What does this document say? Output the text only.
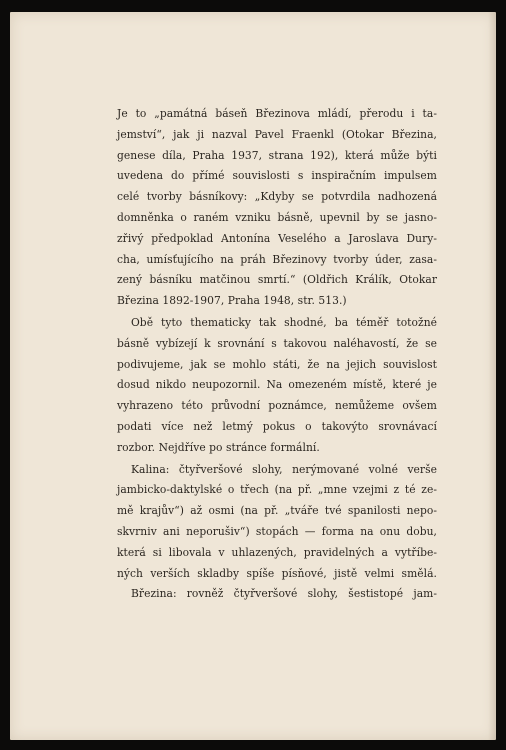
Je to „památná báseň Březinova mládí, přerodu i ta-
jemství“, jak ji nazval Pavel Fraenkl (Otokar Březina,
genese díla, Praha 1937, strana 192), která může býti
uvedena do přímé souvislosti s inspiračním impulsem
celé tvorby básníkovy: „Kdyby se potvrdila nadhozená
domněnka o raném vzniku básně, upevnil by se jasno-
zřivý předpoklad Antonína Veselého a Jaroslava Dury-
cha, umísťujícího na práh Březinovy tvorby úder, zasa-
zený básníku matčinou smrtí.“ (Oldřich Králík, Otokar
Březina 1892-1907, Praha 1948, str. 513.)
Obě tyto thematicky tak shodné, ba téměř totožné
básně vybízejí k srovnání s takovou naléhavostí, že se
podivujeme, jak se mohlo státi, že na jejich souvislost
dosud nikdo neupozornil. Na omezeném místě, které je
vyhrazeno této průvodní poznámce, nemůžeme ovšem
podati více než letmý pokus o takovýto srovnávací
rozbor. Nejdříve po stránce formální.
Kalina: čtyřveršové slohy, nerýmované volné verše
jambicko-daktylské o třech (na př. „mne vzejmi z té ze-
mě krajův“) až osmi (na př. „tváře tvé spanilosti nepo-
skvrniv ani neporušiv“) stopách — forma na onu dobu,
která si libovala v uhlazených, pravidelných a vytříbe-
ných verších skladby spíše písňové, jistě velmi smělá.
Březina: rovněž čtyřveršové slohy, šestistopé jam-
